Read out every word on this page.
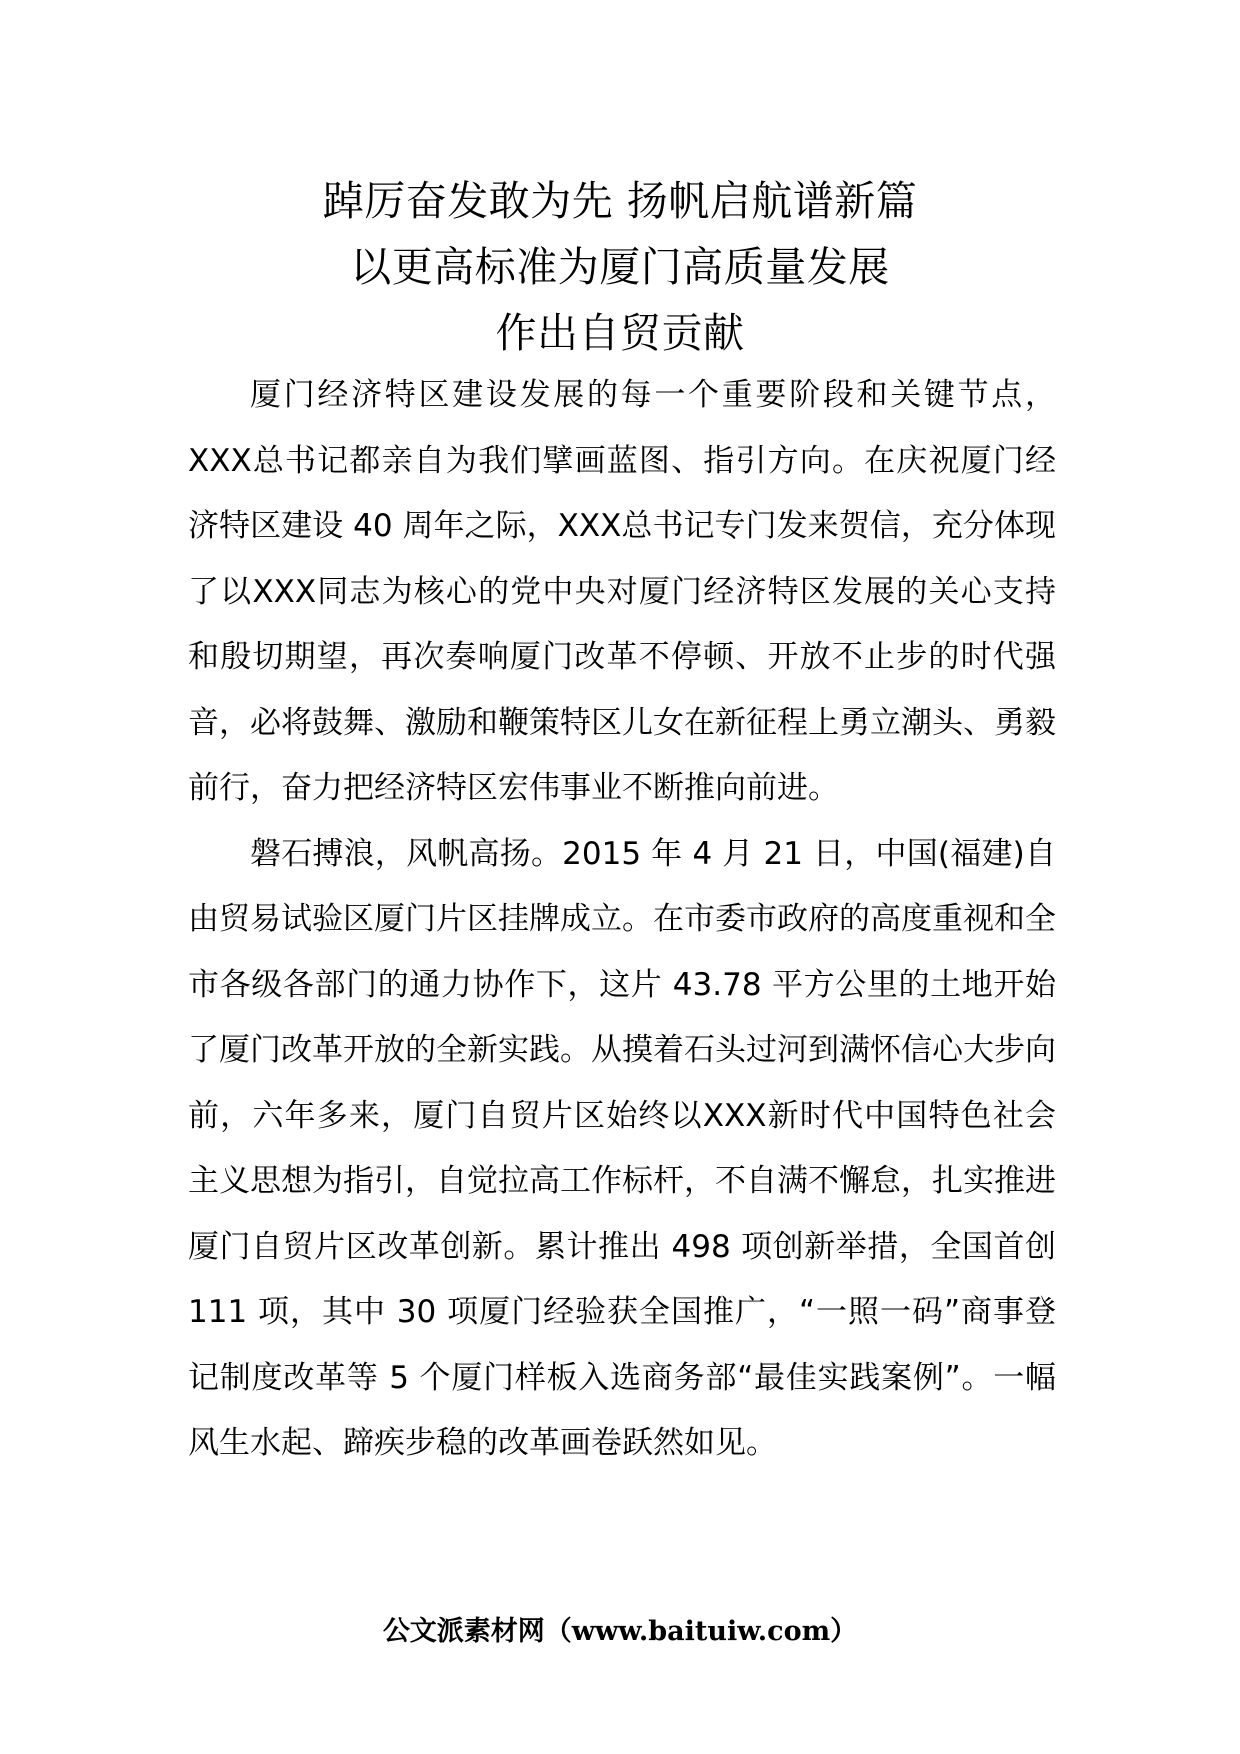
踔厉奋发敢为先 扬帆启航谱新篇
以更高标准为厦门高质量发展
作出自贸贡献

厦门经济特区建设发展的每一个重要阶段和关键节点，XXX总书记都亲自为我们擘画蓝图、指引方向。在庆祝厦门经济特区建设 40 周年之际，XXX总书记专门发来贺信，充分体现了以XXX同志为核心的党中央对厦门经济特区发展的关心支持和殷切期望，再次奏响厦门改革不停顿、开放不止步的时代强音，必将鼓舞、激励和鞭策特区儿女在新征程上勇立潮头、勇毅前行，奋力把经济特区宏伟事业不断推向前进。

磐石搏浪，风帆高扬。2015 年 4 月 21 日，中国(福建)自由贸易试验区厦门片区挂牌成立。在市委市政府的高度重视和全市各级各部门的通力协作下，这片 43.78 平方公里的土地开始了厦门改革开放的全新实践。从摸着石头过河到满怀信心大步向前，六年多来，厦门自贸片区始终以XXX新时代中国特色社会主义思想为指引，自觉拉高工作标杆，不自满不懈怠，扎实推进厦门自贸片区改革创新。累计推出 498 项创新举措，全国首创 111 项，其中 30 项厦门经验获全国推广，“一照一码”商事登记制度改革等 5 个厦门样板入选商务部“最佳实践案例”。一幅风生水起、蹄疾步稳的改革画卷跃然如见。

公文派素材网（www.baituiw.com）
